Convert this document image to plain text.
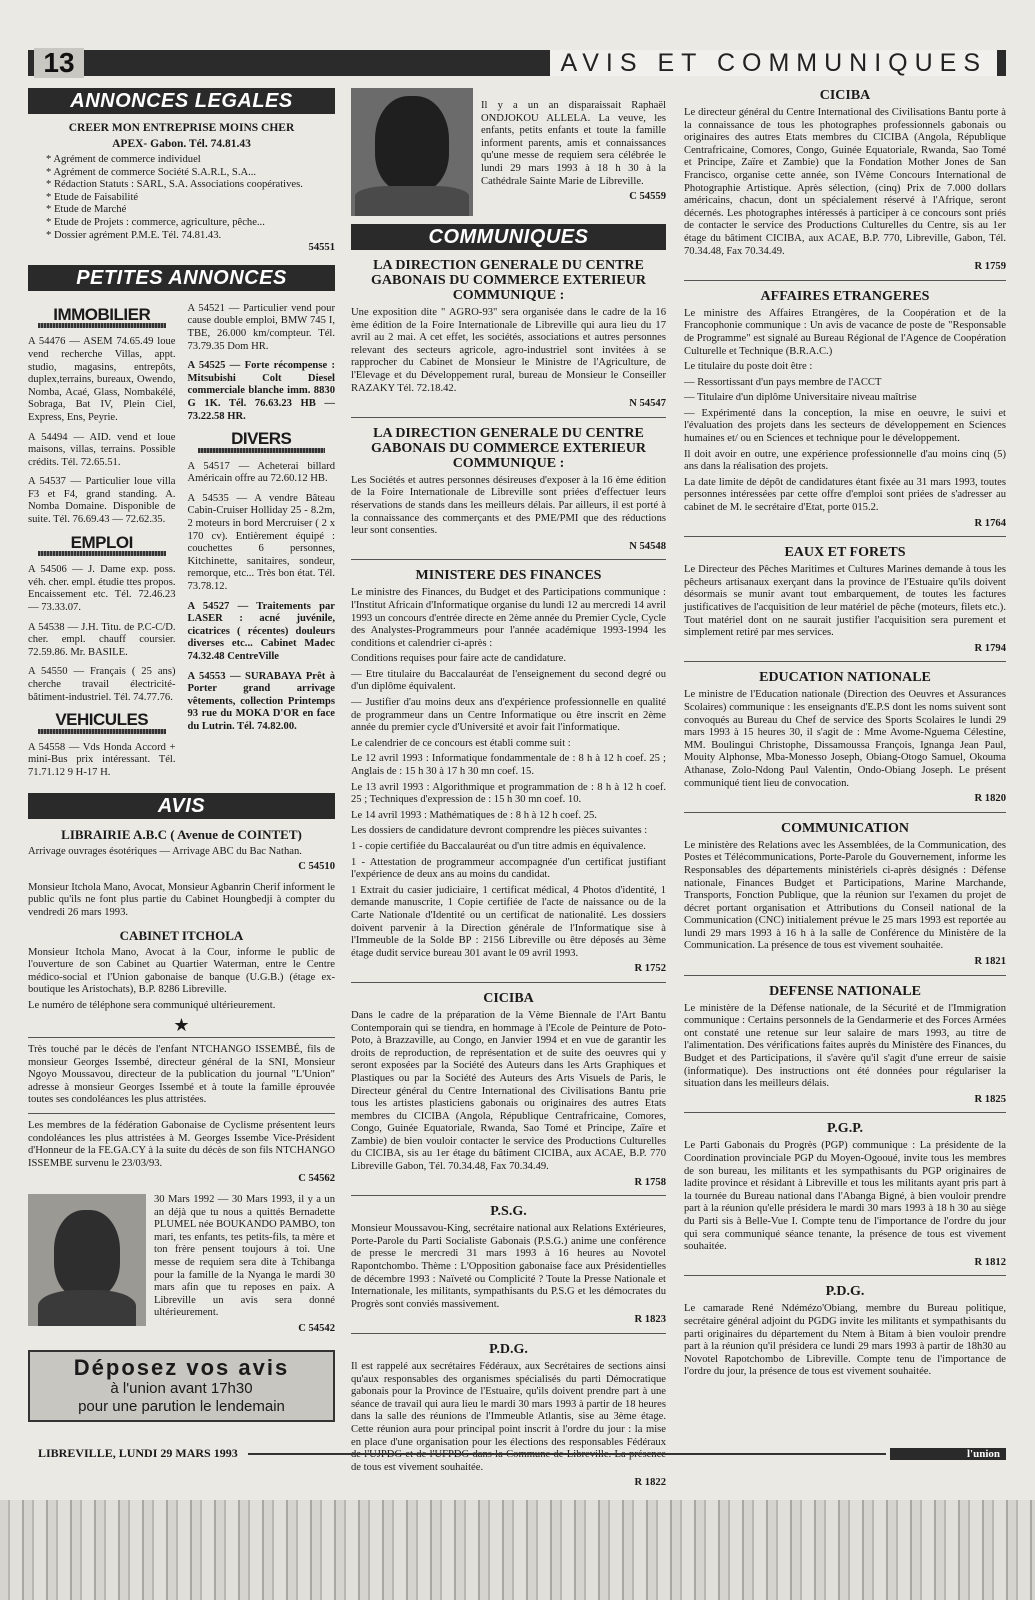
13	AVIS ET COMMUNIQUES
ANNONCES LEGALES
CREER MON ENTREPRISE MOINS CHER
APEX- Gabon. Tél. 74.81.43
* Agrément de commerce individuel
* Agrément de commerce Société S.A.R.L, S.A...
* Rédaction Statuts : SARL, S.A. Associations coopératives.
* Etude de Faisabilité
* Etude de Marché
* Etude de Projets : commerce, agriculture, pêche...
* Dossier agrément P.M.E. Tél. 74.81.43.
54551
PETITES ANNONCES
IMMOBILIER
A 54476 — ASEM 74.65.49 loue vend recherche Villas, appt. studio, magasins, entrepôts, duplex,terrains, bureaux, Owendo, Nomba, Acaé, Glass, Nombakélé, Sobraga, Bat IV, Plein Ciel, Express, Ens, Peyrie.
A 54494 — AID. vend et loue maisons, villas, terrains. Possible crédits. Tél. 72.65.51.
A 54537 — Particulier loue villa F3 et F4, grand standing. A. Nomba Domaine. Disponible de suite. Tél. 76.69.43 — 72.62.35.
EMPLOI
A 54506 — J. Dame exp. poss. véh. cher. empl. étudie ttes propos. Encaissement etc. Tél. 72.46.23 — 73.33.07.
A 54538 — J.H. Titu. de P.C-C/D. cher. empl. chauff coursier. 72.59.86. Mr. BASILE.
A 54550 — Français ( 25 ans) cherche travail électricité-bâtiment-industriel. Tél. 74.77.76.
VEHICULES
A 54558 — Vds Honda Accord + mini-Bus prix intéressant. Tél. 71.71.12 9 H-17 H.
A 54521 — Particulier vend pour cause double emploi, BMW 745 I, TBE, 26.000 km/compteur. Tél. 73.79.35 Dom HR.
A 54525 — Forte récompense : Mitsubishi Colt Diesel commerciale blanche imm. 8830 G 1K. Tél. 76.63.23 HB — 73.22.58 HR.
DIVERS
A 54517 — Acheterai billard Américain offre au 72.60.12 HB.
A 54535 — A vendre Bâteau Cabin-Cruiser Holliday 25 - 8.2m, 2 moteurs in bord Mercruiser ( 2 x 170 cv). Entièrement équipé : couchettes 6 personnes, Kitchinette, sanitaires, sondeur, remorque, etc... Très bon état. Tél. 73.78.12.
A 54527 — Traitements par LASER : acné juvénile, cicatrices ( récentes) douleurs diverses etc... Cabinet Madec 74.32.48 CentreVille
A 54553 — SURABAYA Prêt à Porter grand arrivage vêtements, collection Printemps 93 rue du MOKA D'OR en face du Lutrin. Tél. 74.82.00.
AVIS
LIBRAIRIE A.B.C ( Avenue de COINTET)
Arrivage ouvrages ésotériques — Arrivage ABC du Bac Nathan.
C 54510
Monsieur Itchola Mano, Avocat, Monsieur Agbanrin Cherif informent le public qu'ils ne font plus partie du Cabinet Houngbedji à compter du vendredi 26 mars 1993.
CABINET ITCHOLA
Monsieur Itchola Mano, Avocat à la Cour, informe le public de l'ouverture de son Cabinet au Quartier Waterman, entre le Centre médico-social et l'Union gabonaise de banque (U.G.B.) (étage ex-boutique les Aristochats), B.P. 8286 Libreville.
Le numéro de téléphone sera communiqué ultérieurement.
★
Très touché par le décès de l'enfant NTCHANGO ISSEMBÉ, fils de monsieur Georges Issembé, directeur général de la SNI, Monsieur Ngoyo Moussavou, directeur de la publication du journal "L'Union" adresse à monsieur Georges Issembé et à toute la famille éprouvée toutes ses condoléances les plus attristées.
Les membres de la fédération Gabonaise de Cyclisme présentent leurs condoléances les plus attristées à M. Georges Issembe Vice-Président d'Honneur de la FE.GA.CY à la suite du décès de son fils NTCHANGO ISSEMBE survenu le 23/03/93.
C 54562
30 Mars 1992 — 30 Mars 1993, il y a un an déjà que tu nous a quittés Bernadette PLUMEL née BOUKANDO PAMBO, ton mari, tes enfants, tes petits-fils, ta mère et ton frère pensent toujours à toi. Une messe de requiem sera dite à Tchibanga pour la famille de la Nyanga le mardi 30 mars afin que tu reposes en paix. A Libreville un avis sera donné ultérieurement.
C 54542
Déposez vos avis
à l'union avant 17h30
pour une parution le lendemain
Il y a un an disparaissait Raphaël ONDJOKOU ALLELA. La veuve, les enfants, petits enfants et toute la famille informent parents, amis et connaissances qu'une messe de requiem sera célébrée le lundi 29 mars 1993 à 18 h 30 à la Cathédrale Sainte Marie de Libreville.
C 54559
COMMUNIQUES
LA DIRECTION GENERALE DU CENTRE GABONAIS DU COMMERCE EXTERIEUR COMMUNIQUE :
Une exposition dite " AGRO-93" sera organisée dans le cadre de la 16 ème édition de la Foire Internationale de Libreville qui aura lieu du 17 avril au 2 mai. A cet effet, les sociétés, associations et autres personnes relevant des secteurs agricole, agro-industriel sont invitées à se rapprocher du Cabinet de Monsieur le Ministre de l'Agriculture, de l'Elevage et du Développement rural, bureau de Monsieur le Conseiller RAZAKY Tél. 72.18.42.
N 54547
LA DIRECTION GENERALE DU CENTRE GABONAIS DU COMMERCE EXTERIEUR COMMUNIQUE :
Les Sociétés et autres personnes désireuses d'exposer à la 16 ème édition de la Foire Internationale de Libreville sont priées d'effectuer leurs réservations de stands dans les meilleurs délais. Par ailleurs, il est porté à la connaissance des commerçants et des PME/PMI que des réductions leur sont consenties.
N 54548
MINISTERE DES FINANCES
Le ministre des Finances, du Budget et des Participations communique : l'Institut Africain d'Informatique organise du lundi 12 au mercredi 14 avril 1993 un concours d'entrée directe en 2ème année du Premier Cycle, Cycle des Analystes-Programmeurs pour l'année académique 1993-1994 les conditions et calendrier ci-après :
Conditions requises pour faire acte de candidature.
— Etre titulaire du Baccalauréat de l'enseignement du second degré ou d'un diplôme équivalent.
— Justifier d'au moins deux ans d'expérience professionnelle en qualité de programmeur dans un Centre Informatique ou être inscrit en 2ème année du premier cycle d'Université et avoir fait l'informatique.
Le calendrier de ce concours est établi comme suit :
Le 12 avril 1993 : Informatique fondammentale de : 8 h à 12 h coef. 25 ; Anglais de : 15 h 30 à 17 h 30 mn coef. 15.
Le 13 avril 1993 : Algorithmique et programmation de : 8 h à 12 h coef. 25 ; Techniques d'expression de : 15 h 30 mn coef. 10.
Le 14 avril 1993 : Mathématiques de : 8 h à 12 h coef. 25.
Les dossiers de candidature devront comprendre les pièces suivantes :
1 - copie certifiée du Baccalauréat ou d'un titre admis en équivalence.
1 - Attestation de programmeur accompagnée d'un certificat justifiant l'expérience de deux ans au moins du candidat.
1 Extrait du casier judiciaire, 1 certificat médical, 4 Photos d'identité, 1 demande manuscrite, 1 Copie certifiée de l'acte de naissance ou de la Carte Nationale d'Identité ou un certificat de nationalité. Les dossiers doivent parvenir à la Direction générale de l'Informatique sise à l'Immeuble de la Solde BP : 2156 Libreville ou être déposés au 3ème étage dudit service bureau 301 avant le 09 avril 1993.
R 1752
CICIBA
Dans le cadre de la préparation de la Vème Biennale de l'Art Bantu Contemporain qui se tiendra, en hommage à l'Ecole de Peinture de Poto-Poto, à Brazzaville, au Congo, en Janvier 1994 et en vue de garantir les droits de reproduction, de représentation et de suite des oeuvres qui y seront exposées par la Société des Auteurs dans les Arts Graphiques et Plastiques ou par la Société des Auteurs des Arts Visuels de Paris, le Directeur général du Centre International des Civilisations Bantu prie tous les artistes plasticiens gabonais ou originaires des autres Etats membres du CICIBA (Angola, République Centrafricaine, Comores, Congo, Guinée Equatoriale, Rwanda, Sao Tomé et Principe, Zaïre et Zambie) de bien vouloir contacter le service des Productions Culturelles du CICIBA, sis au 1er étage du bâtiment CICIBA, aux ACAE, B.P. 770 Libreville Gabon, Tél. 70.34.48, Fax 70.34.49.
R 1758
P.S.G.
Monsieur Moussavou-King, secrétaire national aux Relations Extérieures, Porte-Parole du Parti Socialiste Gabonais (P.S.G.) anime une conférence de presse le mercredi 31 mars 1993 à 16 heures au Novotel Rapontchombo. Thème : L'Opposition gabonaise face aux Présidentielles de décembre 1993 : Naïveté ou Complicité ? Toute la Presse Nationale et Internationale, les militants, sympathisants du P.S.G et les démocrates du Progrès sont conviés massivement.
R 1823
P.D.G.
Il est rappelé aux secrétaires Fédéraux, aux Secrétaires de sections ainsi qu'aux responsables des organismes spécialisés du parti Démocratique gabonais pour la Province de l'Estuaire, qu'ils doivent prendre part à une séance de travail qui aura lieu le mardi 30 mars 1993 à partir de 18 heures dans la salle des réunions de l'Immeuble Atlantis, sise au 3ème étage. Cette réunion aura pour principal point inscrit à l'ordre du jour : la mise en place d'une organisation pour les élections des responsables Fédéraux de l'UJPDG et de l'UFPDG dans la Commune de Libreville. La présence de tous est vivement souhaitée.
R 1822
CICIBA
Le directeur général du Centre International des Civilisations Bantu porte à la connaissance de tous les photographes professionnels gabonais ou originaires des autres Etats membres du CICIBA (Angola, République Centrafricaine, Comores, Congo, Guinée Equatoriale, Rwanda, Sao Tomé et Principe, Zaïre et Zambie) que la Fondation Mother Jones de San Francisco, organise cette année, son IVème Concours International de Photographie Artistique. Après sélection, (cinq) Prix de 7.000 dollars américains, chacun, dont un spécialement réservé à l'Afrique, seront décernés. Les photographes intéressés à participer à ce concours sont priés de contacter le service des Productions Culturelles du Centre, sis au 1er étage du bâtiment CICIBA, aux ACAE, B.P. 770, Libreville, Gabon, Tél. 70.34.48, Fax 70.34.49.
R 1759
AFFAIRES ETRANGERES
Le ministre des Affaires Etrangères, de la Coopération et de la Francophonie communique : Un avis de vacance de poste de "Responsable de Programme" est signalé au Bureau Régional de l'Agence de Coopération Culturelle et Technique (B.R.A.C.)
Le titulaire du poste doit être :
— Ressortissant d'un pays membre de l'ACCT
— Titulaire d'un diplôme Universitaire niveau maîtrise
— Expérimenté dans la conception, la mise en oeuvre, le suivi et l'évaluation des projets dans les secteurs de développement en Sciences humaines et/ ou en Sciences et technique pour le développement.
Il doit avoir en outre, une expérience professionnelle d'au moins cinq (5) ans dans la réalisation des projets.
La date limite de dépôt de candidatures étant fixée au 31 mars 1993, toutes personnes intéressées par cette offre d'emploi sont priées de s'adresser au cabinet de M. le secrétaire d'Etat, porte 015.2.
R 1764
EAUX ET FORETS
Le Directeur des Pêches Maritimes et Cultures Marines demande à tous les pêcheurs artisanaux exerçant dans la province de l'Estuaire qu'ils doivent désormais se munir avant tout embarquement, de toutes les factures justificatives de l'acquisition de leur matériel de pêche (moteurs, filets etc.). Tout matériel dont on ne saurait justifier l'acquisition sera purement et simplement retiré par mes services.
R 1794
EDUCATION NATIONALE
Le ministre de l'Education nationale (Direction des Oeuvres et Assurances Scolaires) communique : les enseignants d'E.P.S dont les noms suivent sont convoqués au Bureau du Chef de service des Sports Scolaires le lundi 29 mars 1993 à 15 heures 30, il s'agit de : Mme Avome-Nguema Célestine, MM. Boulingui Christophe, Dissamoussa François, Ignanga Jean Paul, Mouity Alphonse, Mba-Monesso Joseph, Obiang-Otogo Samuel, Okouma Athanase, Zolo-Ndong Paul Valentin, Ondo-Obiang Joseph. Le présent communiqué tient lieu de convocation.
R 1820
COMMUNICATION
Le ministère des Relations avec les Assemblées, de la Communication, des Postes et Télécommunications, Porte-Parole du Gouvernement, informe les Responsables des départements ministériels ci-après désignés : Défense nationale, Finances Budget et Participations, Marine Marchande, Transports, Fonction Publique, que la réunion sur l'examen du projet de décret portant organisation et Attributions du Conseil national de la Communication (CNC) initialement prévue le 25 mars 1993 est reportée au lundi 29 mars 1993 à 16 h à la salle de Conférence du Ministère de la Communication. La présence de tous est vivement souhaitée.
R 1821
DEFENSE NATIONALE
Le ministère de la Défense nationale, de la Sécurité et de l'Immigration communique : Certains personnels de la Gendarmerie et des Forces Armées ont constaté une retenue sur leur salaire de mars 1993, au titre de l'alimentation. Des vérifications faites auprès du Ministère des Finances, du Budget et des Participations, il s'avère qu'il s'agit d'une erreur de saisie (informatique). Des instructions ont été données pour régulariser la situation dans les meilleurs délais.
R 1825
P.G.P.
Le Parti Gabonais du Progrès (PGP) communique : La présidente de la Coordination provinciale PGP du Moyen-Ogooué, invite tous les membres de son bureau, les militants et les sympathisants du PGP originaires de ladite province et résidant à Libreville et tous les militants ayant pris part à la tournée du Bureau national dans l'Abanga Bigné, à bien vouloir prendre part à la réunion qu'elle présidera le mardi 30 mars 1993 à 18 h 30 au siège du Parti sis à Belle-Vue I. Compte tenu de l'importance de l'ordre du jour qui sera communiqué séance tenante, la présence de tous est vivement souhaitée.
R 1812
P.D.G.
Le camarade René Ndémézo'Obiang, membre du Bureau politique, secrétaire général adjoint du PGDG invite les militants et sympathisants du parti originaires du département du Ntem à Bitam à bien vouloir prendre part à la réunion qu'il présidera ce lundi 29 mars 1993 à partir de 18h30 au Novotel Rapotchombo de Libreville. Compte tenu de l'importance de l'ordre du jour, la présence de tous est vivement souhaitée.
LIBREVILLE, LUNDI 29 MARS 1993	l'union
